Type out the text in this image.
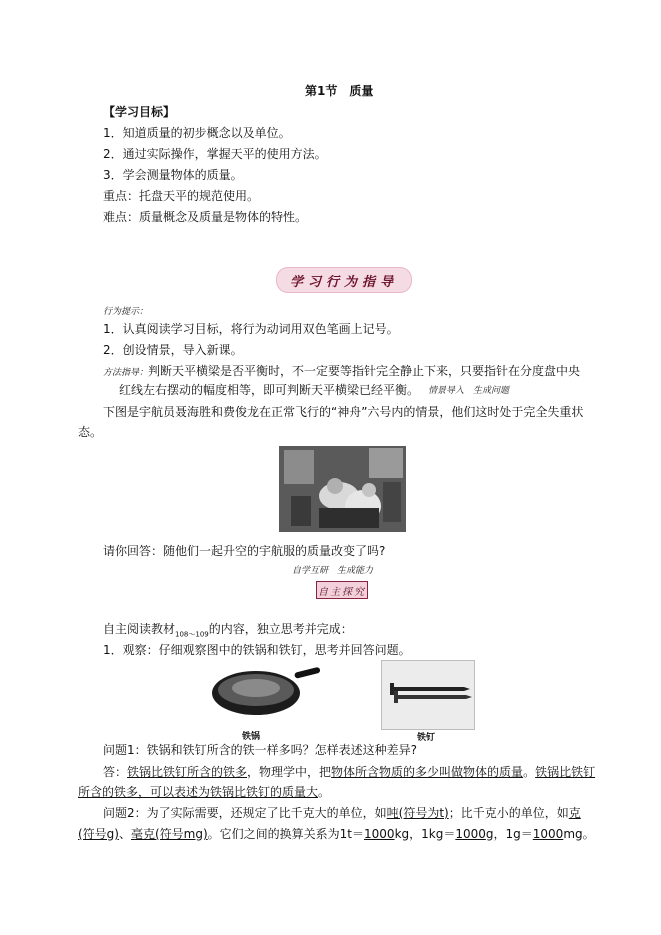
第1节　质量
【学习目标】
1．知道质量的初步概念以及单位。
2．通过实际操作，掌握天平的使用方法。
3．学会测量物体的质量。
重点：托盘天平的规范使用。
难点：质量概念及质量是物体的特性。
学习行为指导
行为提示：
1．认真阅读学习目标，将行为动词用双色笔画上记号。
2．创设情景，导入新课。
方法指导：判断天平横梁是否平衡时，不一定要等指针完全静止下来，只要指针在分度盘中央
红线左右摆动的幅度相等，即可判断天平横梁已经平衡。 情景导入　生成问题
下图是宇航员聂海胜和费俊龙在正常飞行的“神舟”六号内的情景，他们这时处于完全失重状
态。
请你回答：随他们一起升空的宇航服的质量改变了吗?
自学互研　生成能力
自主探究
自主阅读教材$_{108\sim 109}$的内容，独立思考并完成：
1．观察：仔细观察图中的铁锅和铁钉，思考并回答问题。
铁锅	铁钉
问题1：铁锅和铁钉所含的铁一样多吗？怎样表述这种差异?
答：铁锅比铁钉所含的铁多，物理学中，把物体所含物质的多少叫做物体的质量。铁锅比铁钉
所含的铁多，可以表述为铁锅比铁钉的质量大。
问题2：为了实际需要，还规定了比千克大的单位，如吨(符号为t)；比千克小的单位，如克
(符号g)、毫克(符号mg)。它们之间的换算关系为1t＝1000kg，1kg＝1000g，1g＝1000mg。
